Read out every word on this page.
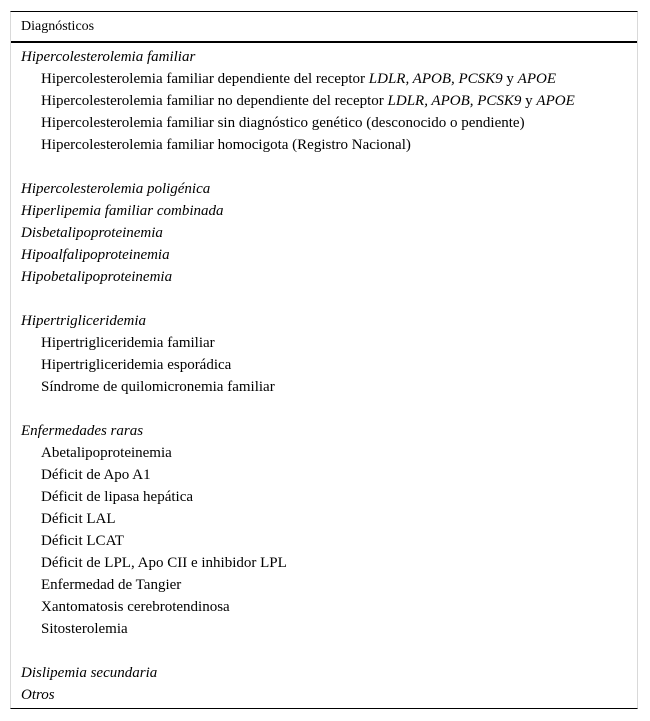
Diagnósticos
Hipercolesterolemia familiar
Hipercolesterolemia familiar dependiente del receptor LDLR, APOB, PCSK9 y APOE
Hipercolesterolemia familiar no dependiente del receptor LDLR, APOB, PCSK9 y APOE
Hipercolesterolemia familiar sin diagnóstico genético (desconocido o pendiente)
Hipercolesterolemia familiar homocigota (Registro Nacional)
Hipercolesterolemia poligénica
Hiperlipemia familiar combinada
Disbetalipoproteinemia
Hipoalfalipoproteinemia
Hipobetalipoproteinemia
Hipertrigliceridemia
Hipertrigliceridemia familiar
Hipertrigliceridemia esporádica
Síndrome de quilomicronemia familiar
Enfermedades raras
Abetalipoproteinemia
Déficit de Apo A1
Déficit de lipasa hepática
Déficit LAL
Déficit LCAT
Déficit de LPL, Apo CII e inhibidor LPL
Enfermedad de Tangier
Xantomatosis cerebrotendinosa
Sitosterolemia
Dislipemia secundaria
Otros
